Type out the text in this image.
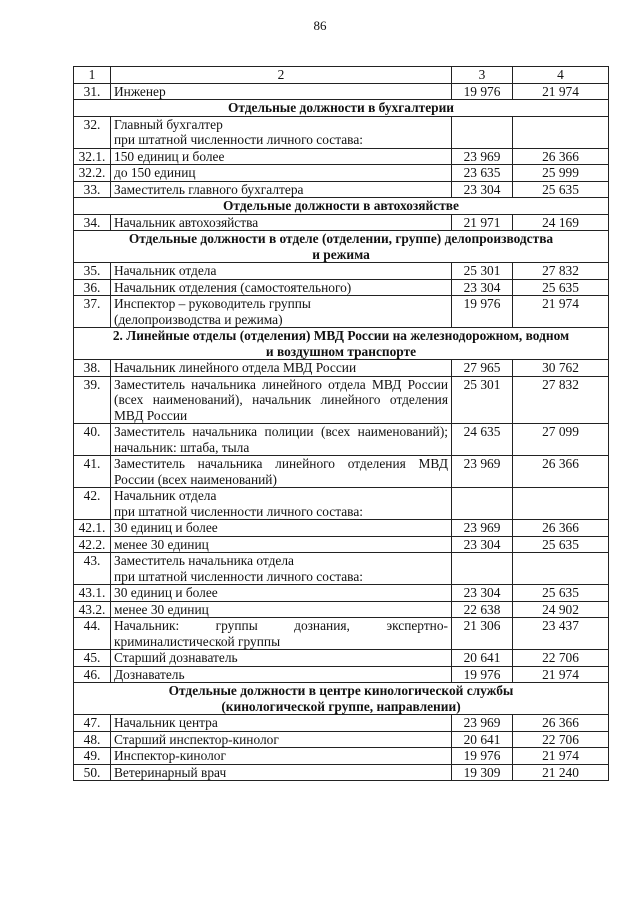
86
1	2	3	4
31.	Инженер	19 976	21 974
Отдельные должности в бухгалтерии			
32.	Главный бухгалтер
при штатной численности личного состава:		
32.1.	150 единиц и более	23 969	26 366
32.2.	до 150 единиц	23 635	25 999
33.	Заместитель главного бухгалтера	23 304	25 635
Отдельные должности в автохозяйстве			
34.	Начальник автохозяйства	21 971	24 169
Отдельные должности в отделе (отделении, группе) делопроизводства
и режима			
35.	Начальник отдела	25 301	27 832
36.	Начальник отделения (самостоятельного)	23 304	25 635
37.	Инспектор – руководитель группы
(делопроизводства и режима)	19 976	21 974
2. Линейные отделы (отделения) МВД России на железнодорожном, водном
и воздушном транспорте			
38.	Начальник линейного отдела МВД России	27 965	30 762
39.	Заместитель начальника линейного отдела МВД России (всех наименований), начальник линейного отделения МВД России	25 301	27 832
40.	Заместитель начальника полиции (всех наименований); начальник: штаба, тыла	24 635	27 099
41.	Заместитель начальника линейного отделения МВД России (всех наименований)	23 969	26 366
42.	Начальник отдела
при штатной численности личного состава:		
42.1.	30 единиц и более	23 969	26 366
42.2.	менее 30 единиц	23 304	25 635
43.	Заместитель начальника отдела
при штатной численности личного состава:		
43.1.	30 единиц и более	23 304	25 635
43.2.	менее 30 единиц	22 638	24 902
44.	Начальник: группы дознания, экспертно-криминалистической группы	21 306	23 437
45.	Старший дознаватель	20 641	22 706
46.	Дознаватель	19 976	21 974
Отдельные должности в центре кинологической службы
(кинологической группе, направлении)			
47.	Начальник центра	23 969	26 366
48.	Старший инспектор-кинолог	20 641	22 706
49.	Инспектор-кинолог	19 976	21 974
50.	Ветеринарный врач	19 309	21 240
